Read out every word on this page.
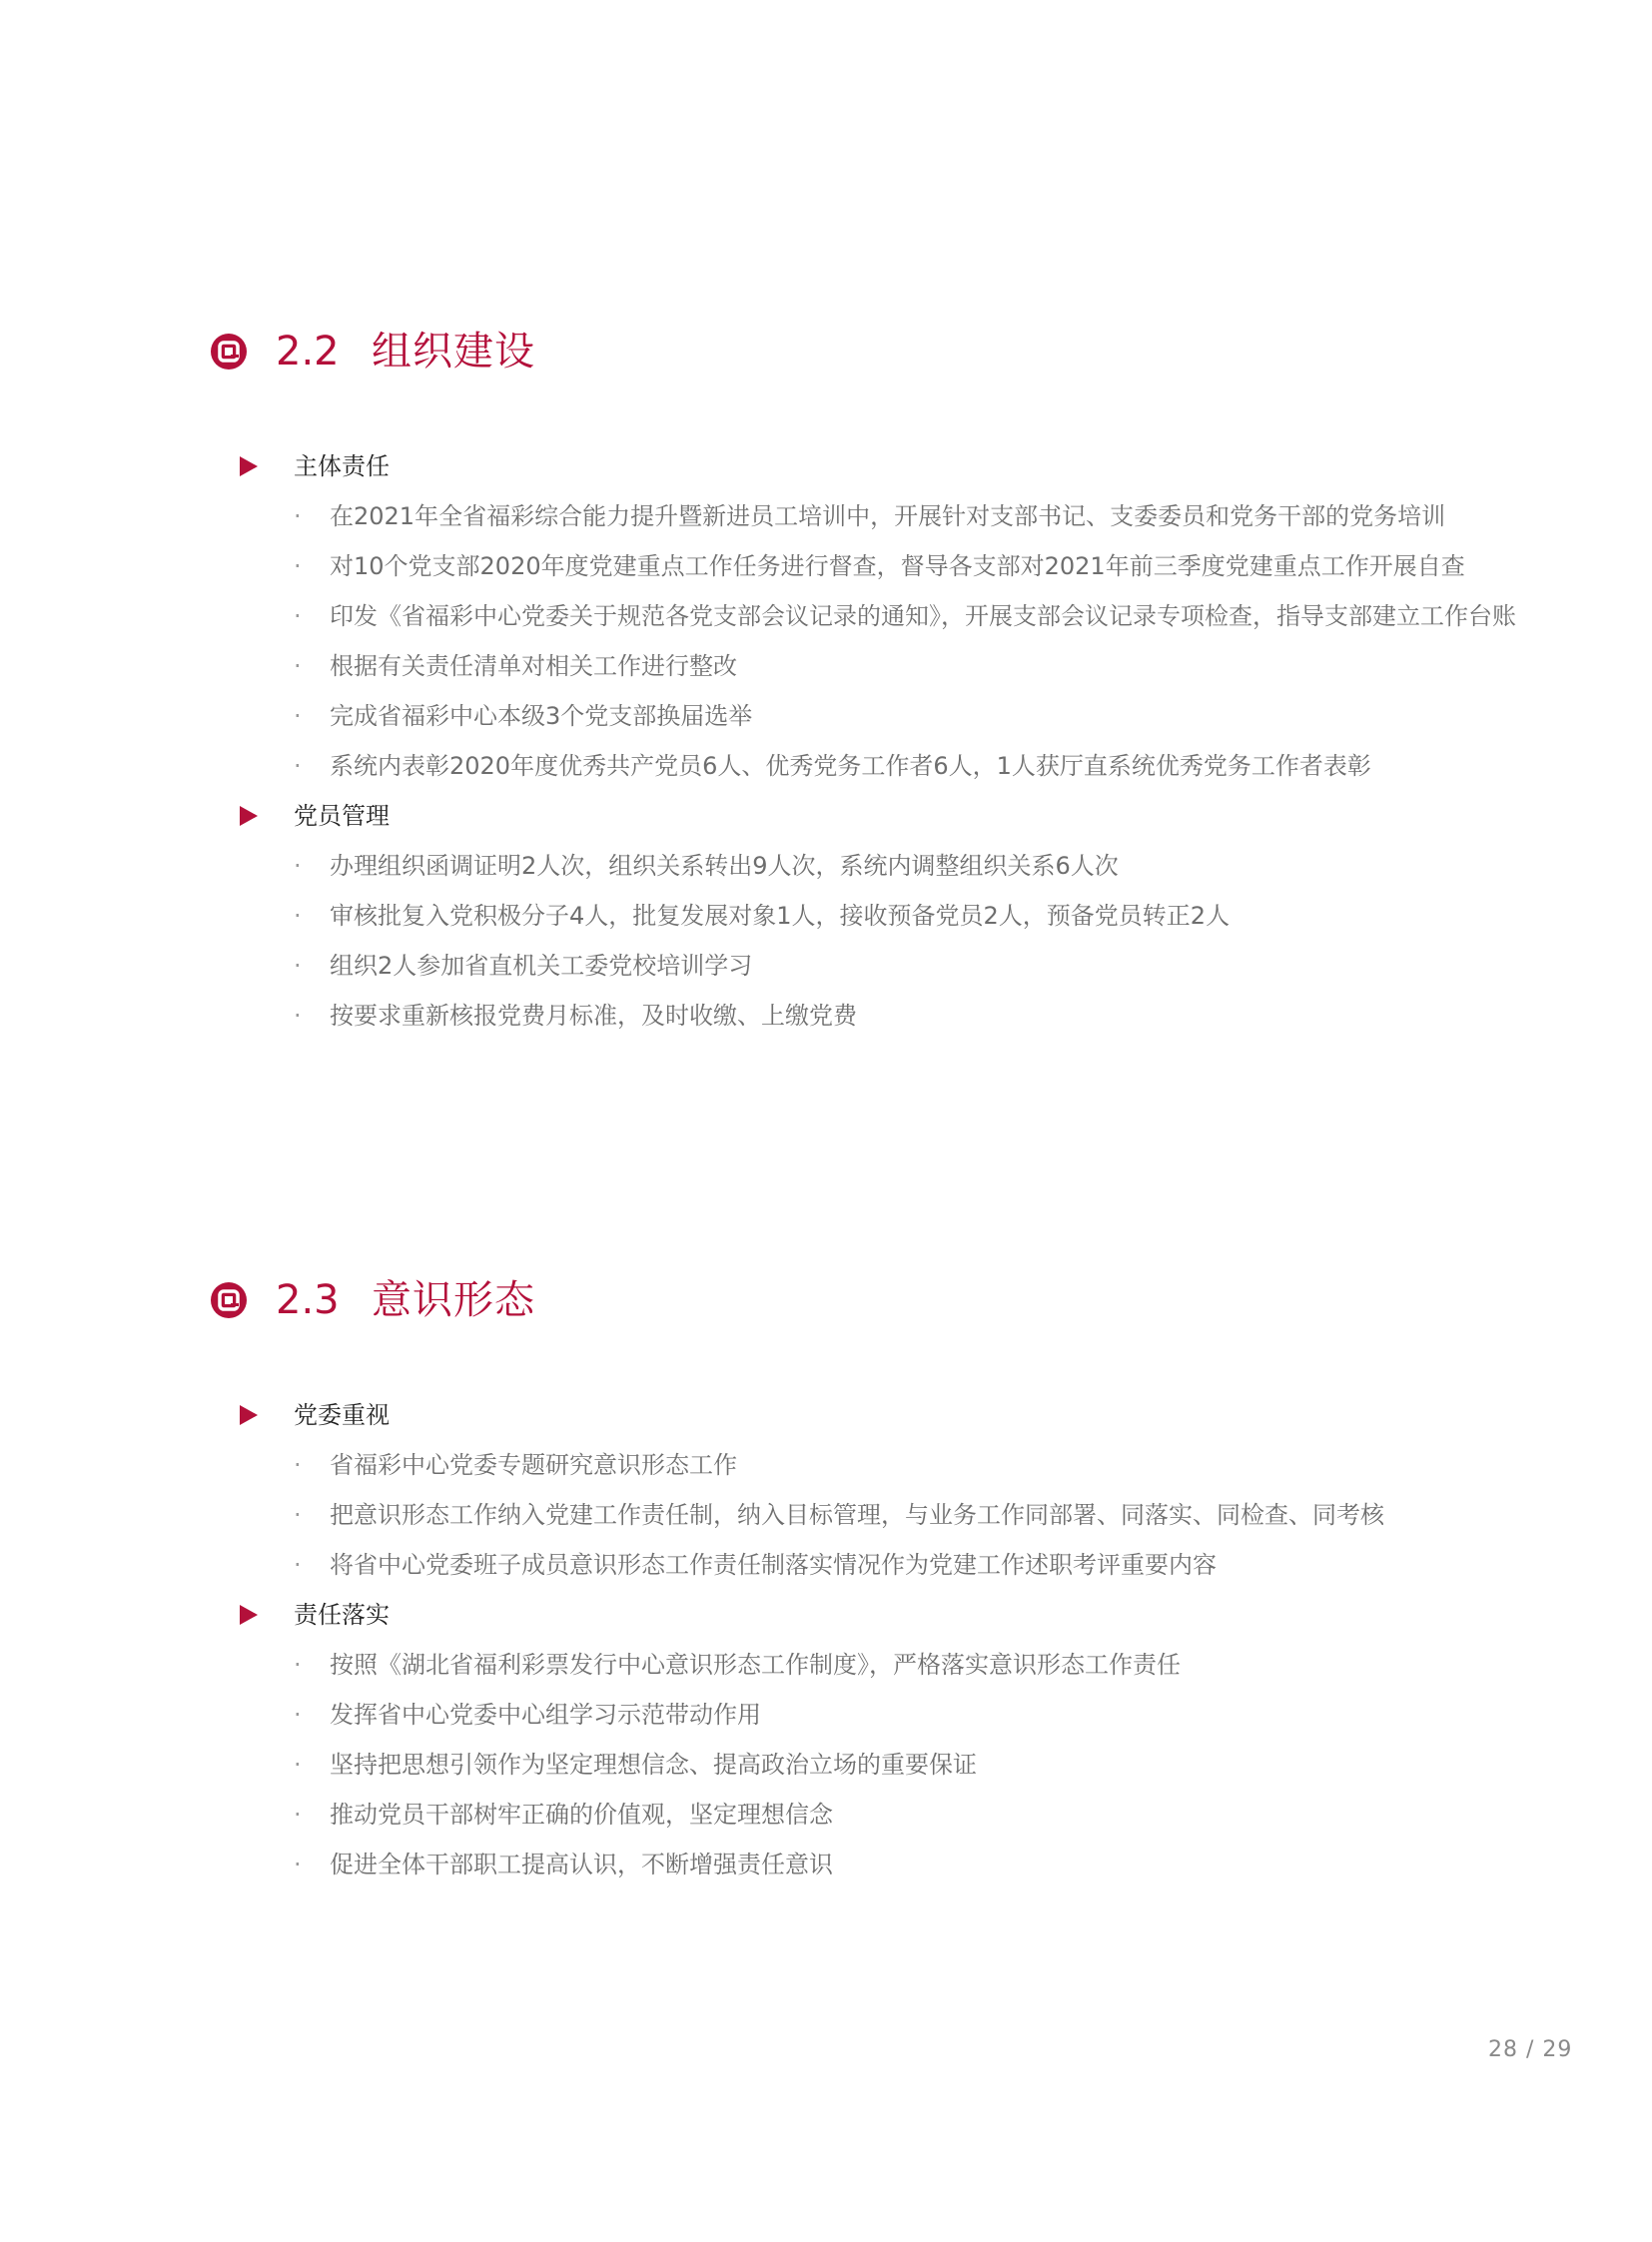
2.2 组织建设
主体责任
· 在2021年全省福彩综合能力提升暨新进员工培训中，开展针对支部书记、支委委员和党务干部的党务培训
· 对10个党支部2020年度党建重点工作任务进行督查，督导各支部对2021年前三季度党建重点工作开展自查
· 印发《省福彩中心党委关于规范各党支部会议记录的通知》，开展支部会议记录专项检查，指导支部建立工作台账
· 根据有关责任清单对相关工作进行整改
· 完成省福彩中心本级3个党支部换届选举
· 系统内表彰2020年度优秀共产党员6人、优秀党务工作者6人，1人获厅直系统优秀党务工作者表彰
党员管理
· 办理组织函调证明2人次，组织关系转出9人次，系统内调整组织关系6人次
· 审核批复入党积极分子4人，批复发展对象1人，接收预备党员2人，预备党员转正2人
· 组织2人参加省直机关工委党校培训学习
· 按要求重新核报党费月标准，及时收缴、上缴党费
2.3 意识形态
党委重视
· 省福彩中心党委专题研究意识形态工作
· 把意识形态工作纳入党建工作责任制，纳入目标管理，与业务工作同部署、同落实、同检查、同考核
· 将省中心党委班子成员意识形态工作责任制落实情况作为党建工作述职考评重要内容
责任落实
· 按照《湖北省福利彩票发行中心意识形态工作制度》，严格落实意识形态工作责任
· 发挥省中心党委中心组学习示范带动作用
· 坚持把思想引领作为坚定理想信念、提高政治立场的重要保证
· 推动党员干部树牢正确的价值观，坚定理想信念
· 促进全体干部职工提高认识，不断增强责任意识
28 / 29
